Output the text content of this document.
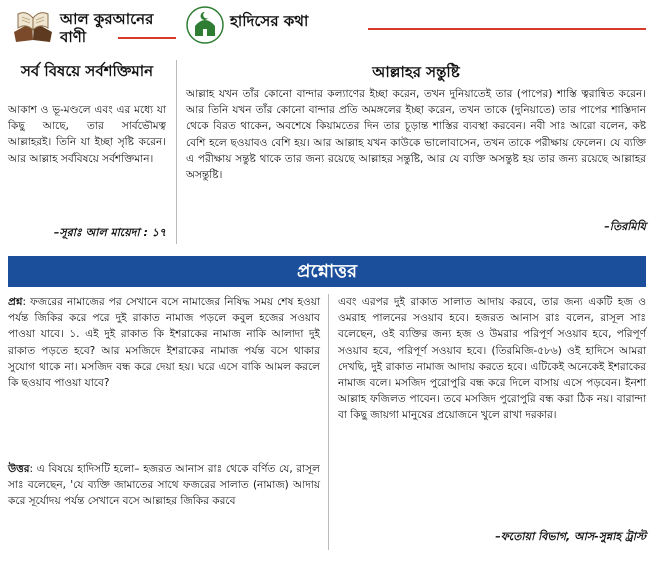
আল কুরআনের বাণী
হাদিসের কথা
সর্ব বিষয়ে সর্বশক্তিমান
আকাশ ও ভূ-মণ্ডলে এবং এর মধ্যে যা কিছু আছে, তার সার্বভৌমত্ব আল্লাহরই। তিনি যা ইচ্ছা সৃষ্টি করেন। আর আল্লাহ সর্ববিষয়ে সর্বশক্তিমান।
–সূরাঃ আল মায়েদা : ১৭
আল্লাহর সন্তুষ্টি
আল্লাহ যখন তাঁর কোনো বান্দার কল্যাণের ইচ্ছা করেন, তখন দুনিয়াতেই তার (পাপের) শাস্তি ত্বরান্বিত করেন। আর তিনি যখন তাঁর কোনো বান্দার প্রতি অমঙ্গলের ইচ্ছা করেন, তখন তাকে (দুনিয়াতে) তার পাপের শাস্তিদান থেকে বিরত থাকেন, অবশেষে কিয়ামতের দিন তার চূড়ান্ত শাস্তির ব্যবস্থা করবেন। নবী সাঃ আরো বলেন, কষ্ট বেশি হলে ছওয়াবও বেশি হয়। আর আল্লাহ যখন কাউকে ভালোবাসেন, তখন তাকে পরীক্ষায় ফেলেন। যে ব্যক্তি এ পরীক্ষায় সন্তুষ্ট থাকে তার জন্য রয়েছে আল্লাহর সন্তুষ্টি, আর যে ব্যক্তি অসন্তুষ্ট হয় তার জন্য রয়েছে আল্লাহর অসন্তুষ্টি।
–তিরমিযি
প্রশ্নোত্তর
প্রশ্ন: ফজরের নামাজের পর সেখানে বসে নামাজের নিষিদ্ধ সময় শেষ হওয়া পর্যন্ত জিকির করে পরে দুই রাকাত নামাজ পড়লে কবুল হজের সওয়াব পাওয়া যাবে। ১. এই দুই রাকাত কি ইশরাকের নামাজ নাকি আলাদা দুই রাকাত পড়তে হবে? আর মসজিদে ইশরাকের নামাজ পর্যন্ত বসে থাকার সুযোগ থাকে না। মসজিদ বন্ধ করে দেয়া হয়। ঘরে এসে বাকি আমল করলে কি ছওয়াব পাওয়া যাবে?
উত্তর: এ বিষয়ে হাদিসটি হলো– হজরত আনাস রাঃ থেকে বর্ণিত যে, রাসূল সাঃ বলেছেন, 'যে ব্যক্তি জামাতের সাথে ফজরের সালাত (নামাজ) আদায় করে সূর্যোদয় পর্যন্ত সেখানে বসে আল্লাহর জিকির করবে
এবং এরপর দুই রাকাত সালাত আদায় করবে, তার জন্য একটি হজ ও ওমরাহ পালনের সওয়াব হবে। হজরত আনাস রাঃ বলেন, রাসূল সাঃ বলেছেন, ওই ব্যক্তির জন্য হজ ও উমরার পরিপূর্ণ সওয়াব হবে, পরিপূর্ণ সওয়াব হবে, পরিপূর্ণ সওয়াব হবে। (তিরমিজি-৫৮৬) ওই হাদিসে আমরা দেখছি, দুই রাকাত নামাজ আদায় করতে হবে। এটিকেই অনেকেই ইশরাকের নামাজ বলে। মসজিদ পুরোপুরি বন্ধ করে দিলে বাসায় এসে পড়বেন। ইনশা আল্লাহ ফজিলত পাবেন। তবে মসজিদ পুরোপুরি বন্ধ করা ঠিক নয়। বারান্দা বা কিছু জায়গা মানুষের প্রয়োজনে খুলে রাখা দরকার।
–ফতোয়া বিভাগ, আস-সুন্নাহ ট্রাস্ট
